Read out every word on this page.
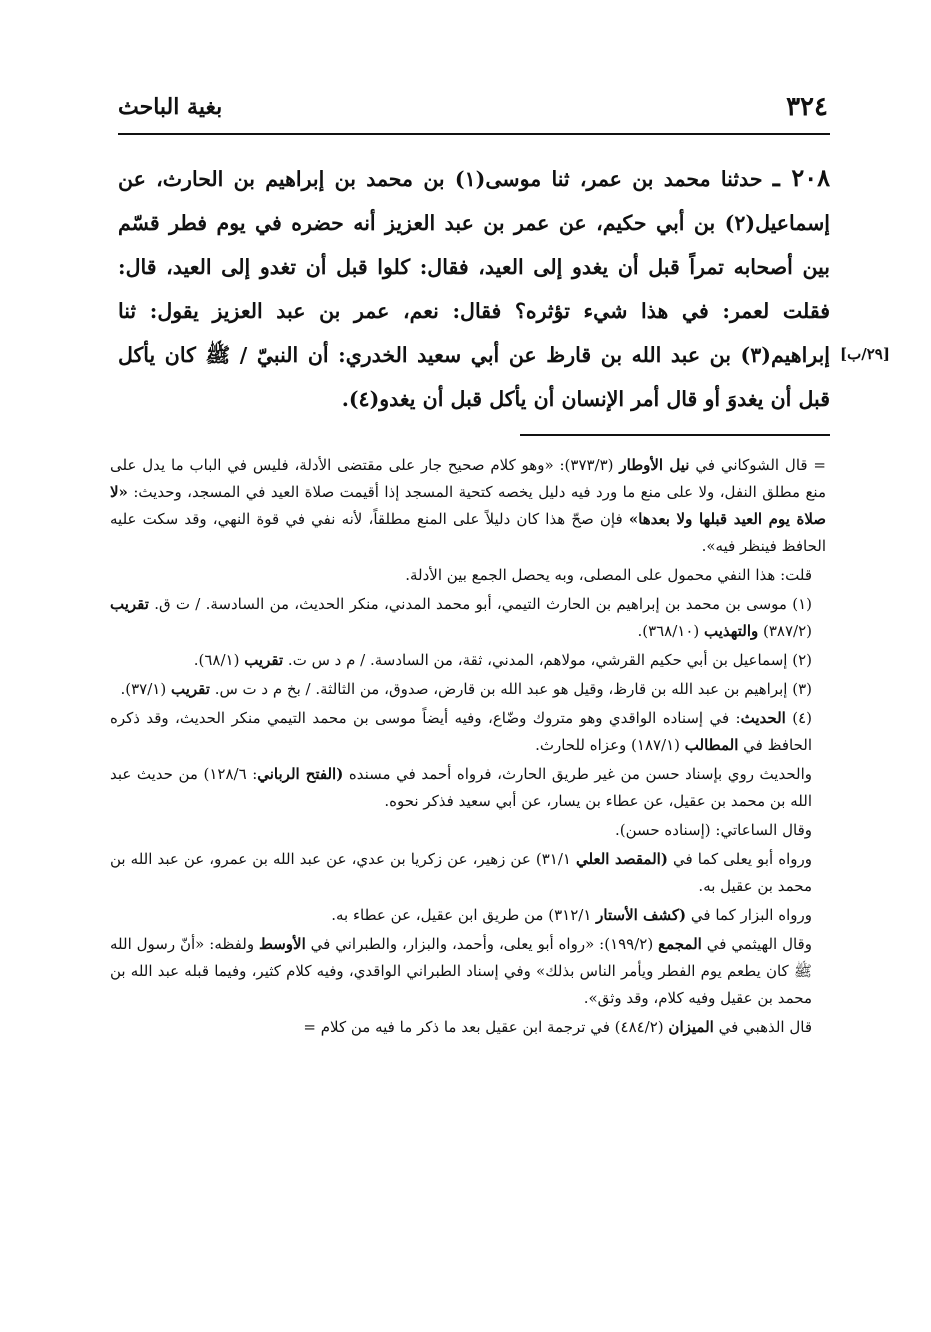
٣٢٤
بغية الباحث

٢٠٨ ـ حدثنا محمد بن عمر، ثنا موسى(١) بن محمد بن إبراهيم بن الحارث، عن إسماعيل(٢) بن أبي حكيم، عن عمر بن عبد العزيز أنه حضره في يوم فطر قسّم بين أصحابه تمراً قبل أن يغدو إلى العيد، فقال: كلوا قبل أن تغدو إلى العيد، قال: فقلت لعمر: في هذا شيء تؤثره؟ فقال: نعم، عمر بن عبد العزيز يقول: ثنا إبراهيم(٣) بن عبد الله بن قارظ عن أبي سعيد الخدري: أن النبيّ / ﷺ كان يأكل قبل أن يغدوَ أو قال أمر الإنسان أن يأكل قبل أن يغدو(٤).

[٢٩/ب]

= قال الشوكاني في نيل الأوطار (٣٧٣/٣): «وهو كلام صحيح جار على مقتضى الأدلة، فليس في الباب ما يدل على منع مطلق النفل، ولا على منع ما ورد فيه دليل يخصه كتحية المسجد إذا أقيمت صلاة العيد في المسجد، وحديث: «لا صلاة يوم العيد قبلها ولا بعدها» فإن صحّ هذا كان دليلاً على المنع مطلقاً، لأنه نفي في قوة النهي، وقد سكت عليه الحافظ فينظر فيه».

قلت: هذا النفي محمول على المصلى، وبه يحصل الجمع بين الأدلة.

(١) موسى بن محمد بن إبراهيم بن الحارث التيمي، أبو محمد المدني، منكر الحديث، من السادسة. / ت ق. تقريب (٣٨٧/٢) والتهذيب (٣٦٨/١٠).

(٢) إسماعيل بن أبي حكيم القرشي، مولاهم، المدني، ثقة، من السادسة. / م د س ت. تقريب (٦٨/١).

(٣) إبراهيم بن عبد الله بن قارظ، وقيل هو عبد الله بن قارض، صدوق، من الثالثة. / بخ م د ت س. تقريب (٣٧/١).

(٤) الحديث: في إسناده الواقدي وهو متروك وضّاع، وفيه أيضاً موسى بن محمد التيمي منكر الحديث، وقد ذكره الحافظ في المطالب (١٨٧/١) وعزاه للحارث.

والحديث روي بإسناد حسن من غير طريق الحارث، فرواه أحمد في مسنده (الفتح الرباني: ١٢٨/٦) من حديث عبد الله بن محمد بن عقيل، عن عطاء بن يسار، عن أبي سعيد فذكر نحوه.

وقال الساعاتي: (إسناده حسن).

ورواه أبو يعلى كما في (المقصد العلي ٣١/١) عن زهير، عن زكريا بن عدي، عن عبد الله بن عمرو، عن عبد الله بن محمد بن عقيل به.

ورواه البزار كما في (كشف الأستار ٣١٢/١) من طريق ابن عقيل، عن عطاء به.

وقال الهيثمي في المجمع (١٩٩/٢): «رواه أبو يعلى، وأحمد، والبزار، والطبراني في الأوسط ولفظه: «أنّ رسول الله ﷺ كان يطعم يوم الفطر ويأمر الناس بذلك» وفي إسناد الطبراني الواقدي، وفيه كلام كثير، وفيما قبله عبد الله بن محمد بن عقيل وفيه كلام، وقد وثق».

قال الذهبي في الميزان (٤٨٤/٢) في ترجمة ابن عقيل بعد ما ذكر ما فيه من كلام =
